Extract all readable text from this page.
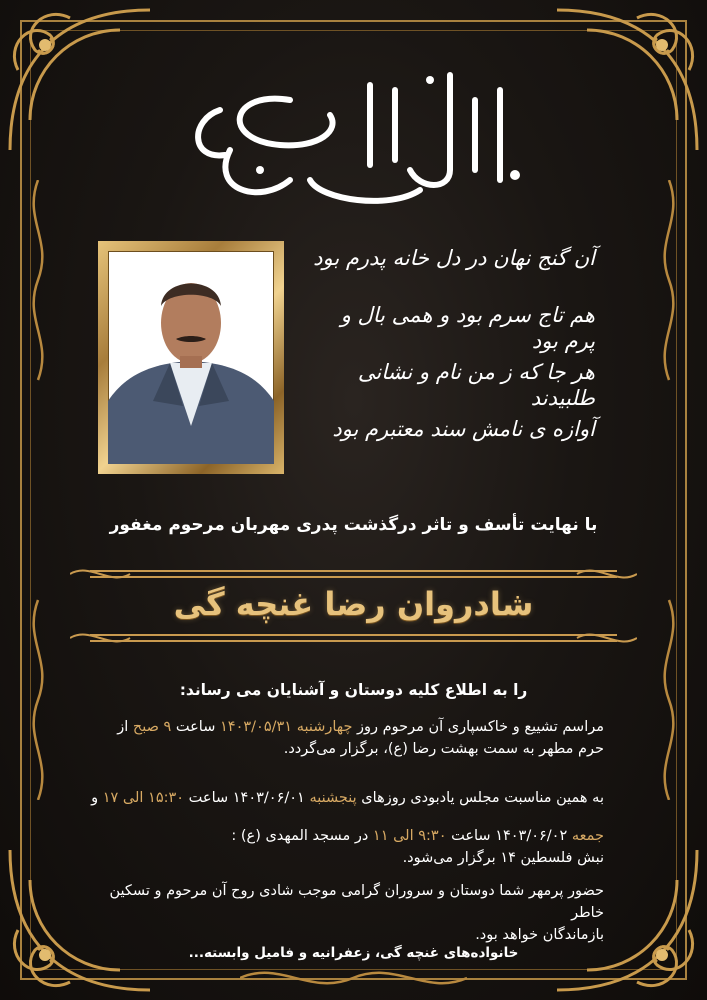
آن گنج نهان در دل خانه پدرم بود
هم تاج سرم بود و همی بال و پرم بود
هر جا که ز من نام و نشانی طلبیدند
آوازه ی نامش سند معتبرم بود
با نهایت تأسف و تاثر درگذشت پدری مهربان مرحوم مغفور
شادروان رضا غنچه گی
را به اطلاع کلیه دوستان و آشنایان می رساند:
مراسم تشییع و خاکسپاری آن مرحوم روز چهارشنبه ۱۴۰۳/۰۵/۳۱ ساعت ۹ صبح از
حرم مطهر به سمت بهشت رضا (ع)، برگزار می‌گردد.
به همین مناسبت مجلس یادبودی روزهای پنجشنبه ۱۴۰۳/۰۶/۰۱ ساعت ۱۵:۳۰ الی ۱۷ و
جمعه ۱۴۰۳/۰۶/۰۲ ساعت ۹:۳۰ الی ۱۱ در مسجد المهدی (ع) :
نبش فلسطین ۱۴ برگزار می‌شود.
حضور پرمهر شما دوستان و سروران گرامی موجب شادی روح آن مرحوم و تسکین خاطر
بازماندگان خواهد بود.
خانواده‌های غنچه گی، زعفرانیه و فامیل وابسته...
